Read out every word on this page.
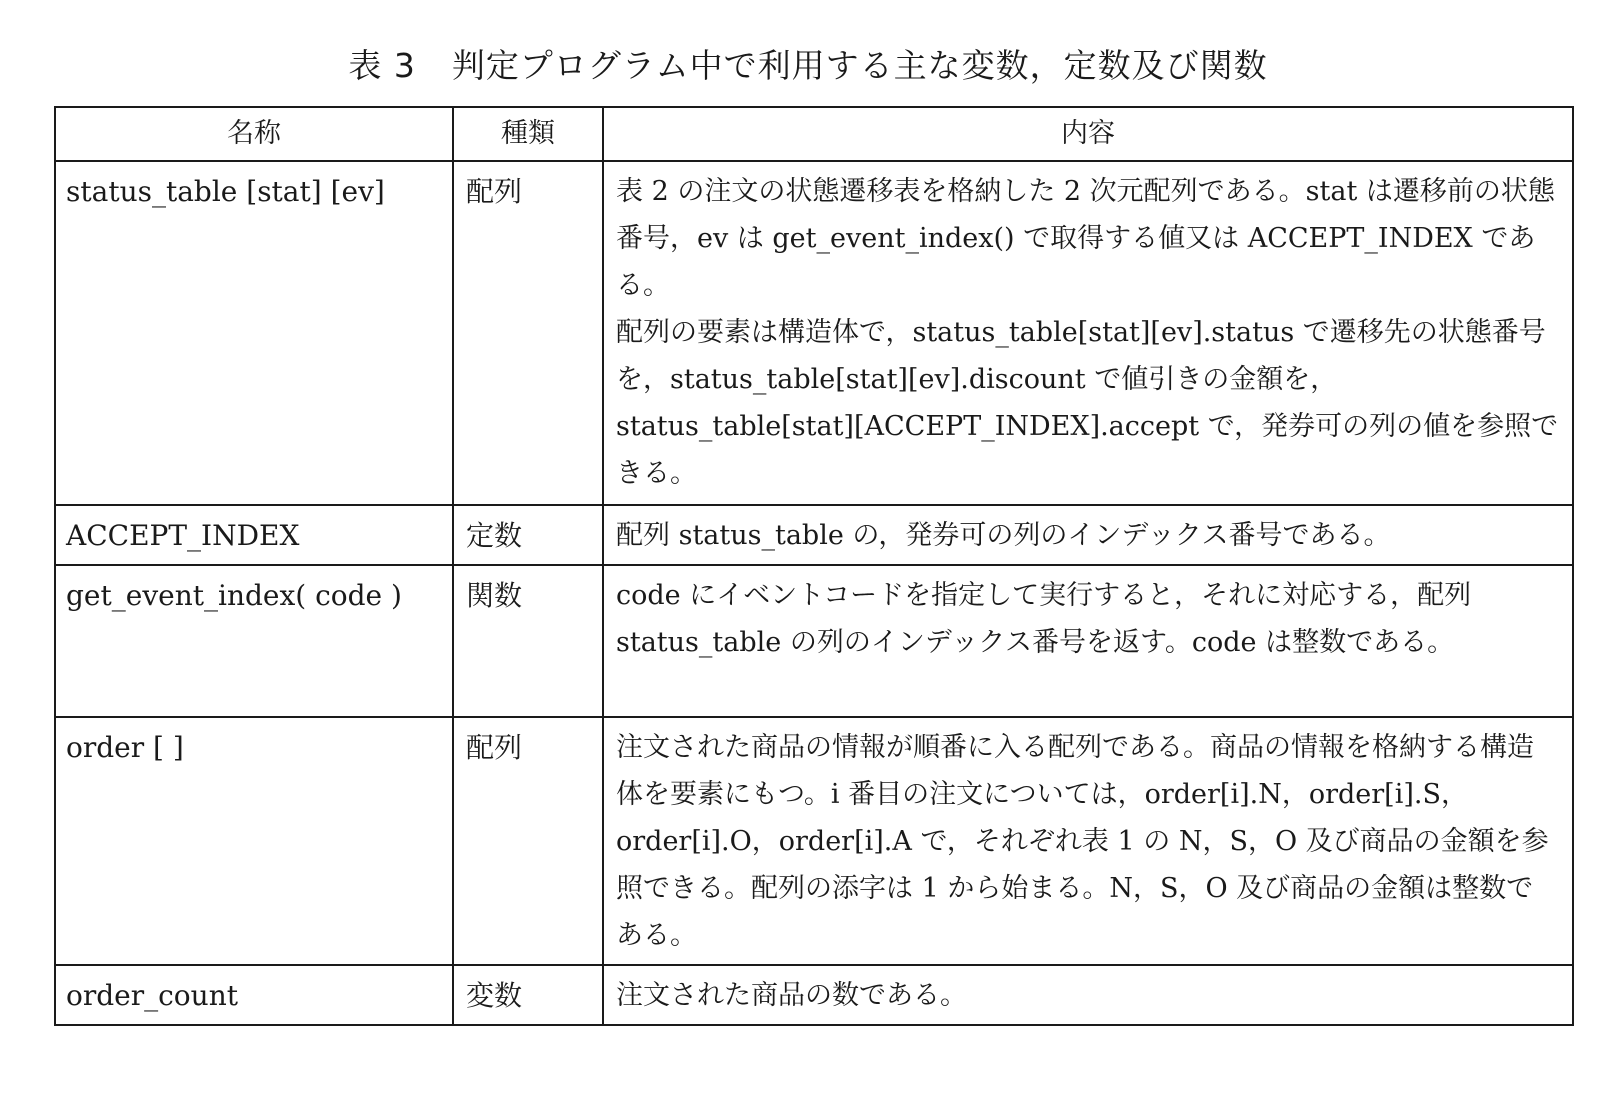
表 3 判定プログラム中で利用する主な変数，定数及び関数
名称	種類	内容
status_table [stat] [ev]	配列	表 2 の注文の状態遷移表を格納した 2 次元配列である。stat は遷移前の状態番号，ev は get_event_index() で取得する値又は ACCEPT_INDEX である。

配列の要素は構造体で，status_table[stat][ev].status で遷移先の状態番号を，status_table[stat][ev].discount で値引きの金額を，status_table[stat][ACCEPT_INDEX].accept で，発券可の列の値を参照できる。

ACCEPT_INDEX	定数	配列 status_table の，発券可の列のインデックス番号である。

get_event_index( code )	関数	code にイベントコードを指定して実行すると，それに対応する，配列 status_table の列のインデックス番号を返す。code は整数である。

order [ ]	配列	注文された商品の情報が順番に入る配列である。商品の情報を格納する構造体を要素にもつ。i 番目の注文については，order[i].N，order[i].S，order[i].O，order[i].A で，それぞれ表 1 の N，S，O 及び商品の金額を参照できる。配列の添字は 1 から始まる。N，S，O 及び商品の金額は整数である。

order_count	変数	注文された商品の数である。
